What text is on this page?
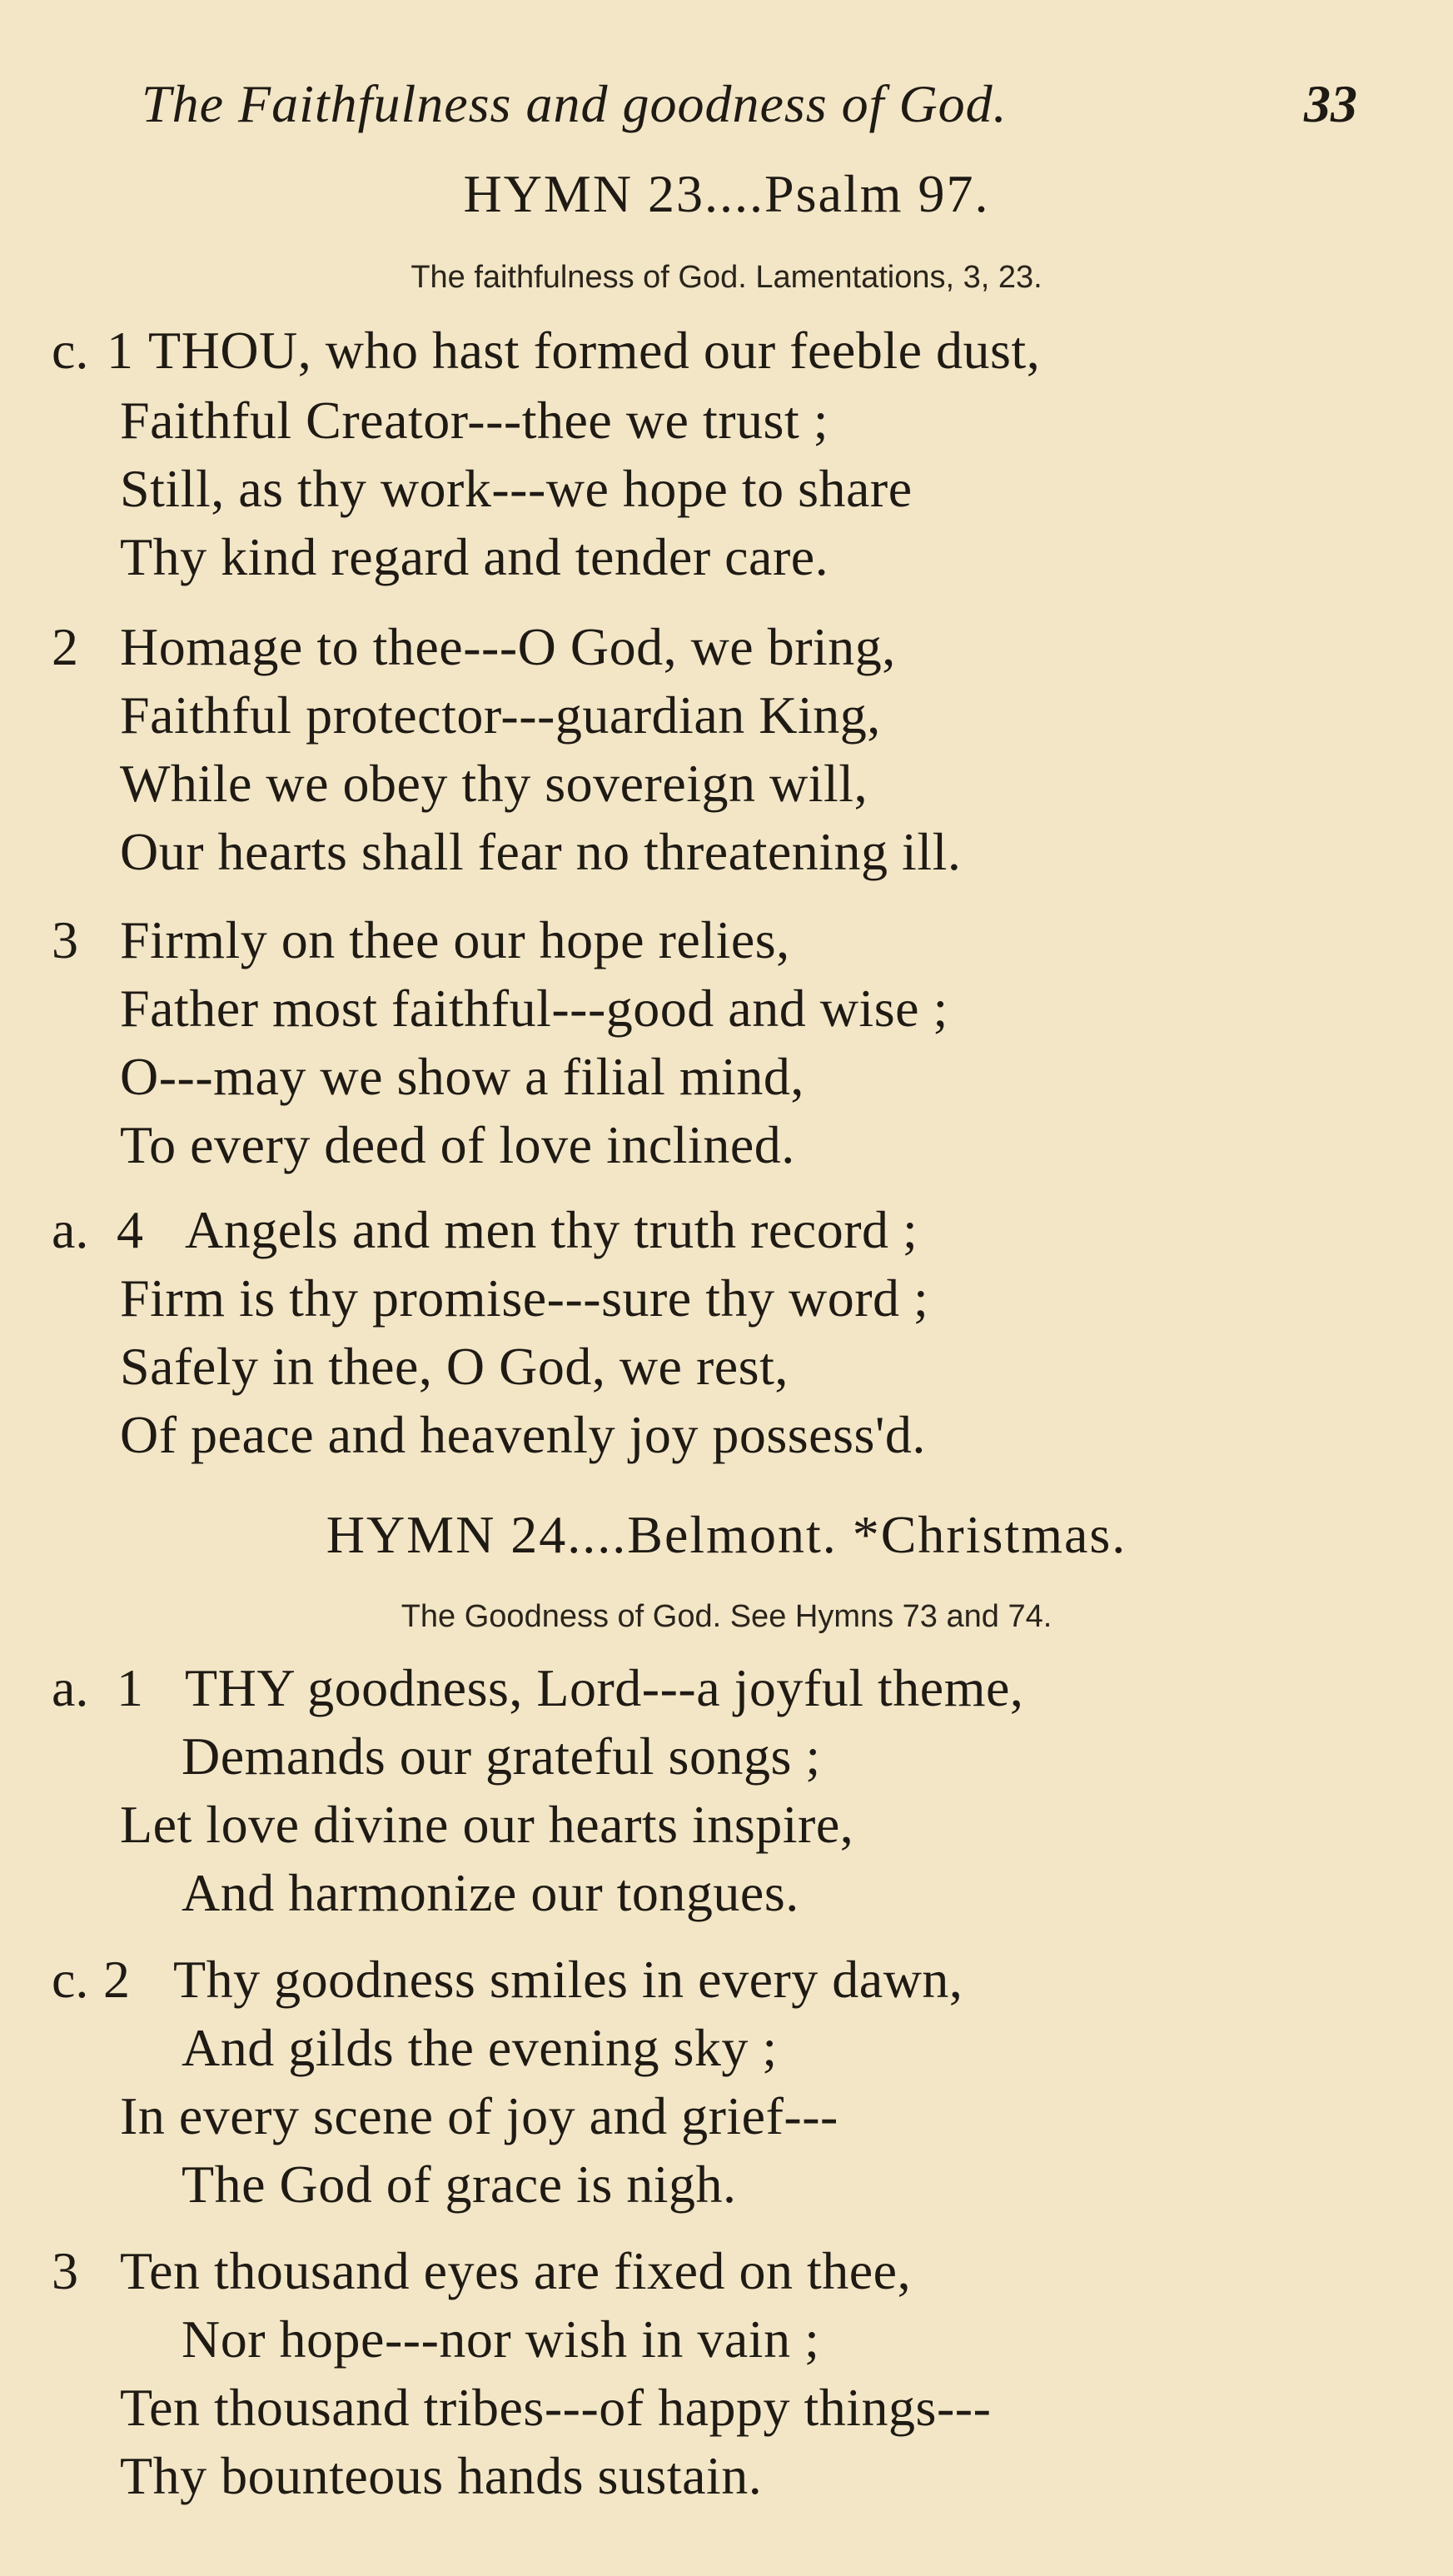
The Faithfulness and goodness of God.	33
HYMN 23....Psalm 97.
The faithfulness of God. Lamentations, 3, 23.
c. 1 THOU, who hast formed our feeble dust,
Faithful Creator---thee we trust ;
Still, as thy work---we hope to share
Thy kind regard and tender care.
2 Homage to thee---O God, we bring,
Faithful protector---guardian King,
While we obey thy sovereign will,
Our hearts shall fear no threatening ill.
3 Firmly on thee our hope relies,
Father most faithful---good and wise ;
O---may we show a filial mind,
To every deed of love inclined.
a. 4 Angels and men thy truth record ;
Firm is thy promise---sure thy word ;
Safely in thee, O God, we rest,
Of peace and heavenly joy possess'd.
HYMN 24....Belmont. *Christmas.
The Goodness of God. See Hymns 73 and 74.
a. 1 THY goodness, Lord---a joyful theme,
Demands our grateful songs ;
Let love divine our hearts inspire,
And harmonize our tongues.
c. 2 Thy goodness smiles in every dawn,
And gilds the evening sky ;
In every scene of joy and grief---
The God of grace is nigh.
3 Ten thousand eyes are fixed on thee,
Nor hope---nor wish in vain ;
Ten thousand tribes---of happy things---
Thy bounteous hands sustain.
